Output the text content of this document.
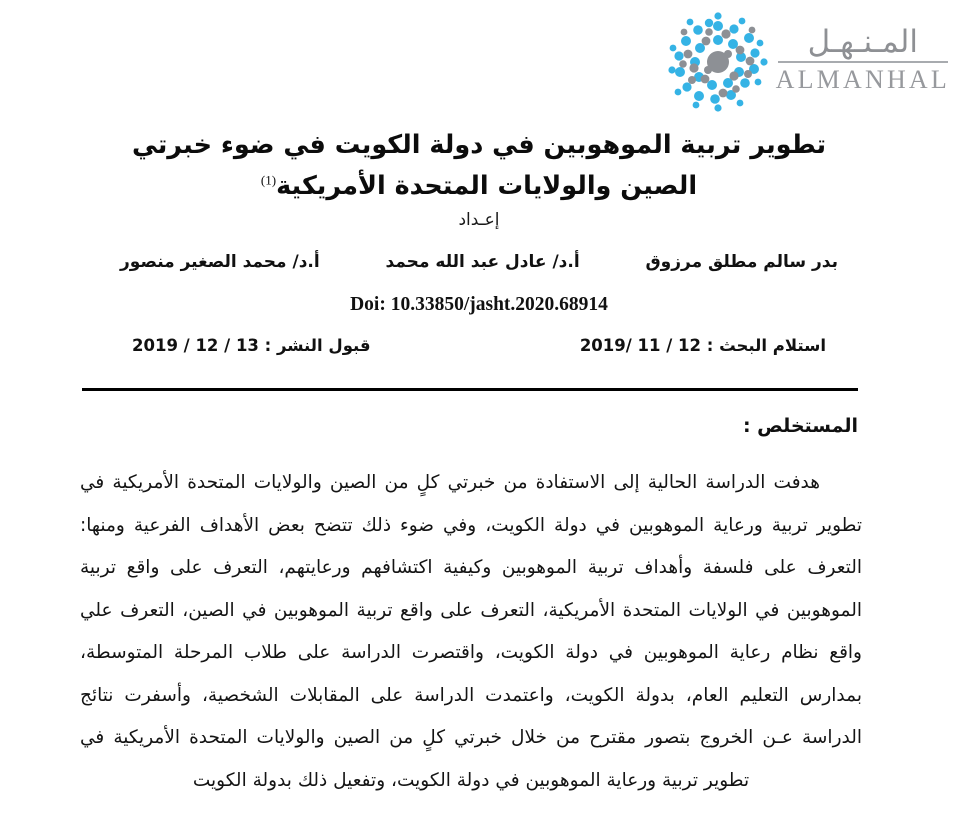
المـنـهـل
ALMANHAL
تطوير تربية الموهوبين في دولة الكويت في ضوء خبرتي
الصين والولايات المتحدة الأمريكية$^{(1)}$
إعـداد
بدر سالم مطلق مرزوق
أ.د/ عادل عبد الله محمد
أ.د/ محمد الصغير منصور
Doi: 10.33850/jasht.2020.68914
استلام البحث : 12 / 11 /2019
قبول النشر : 13 / 12 / 2019
المستخلص :

هدفت الدراسة الحالية إلى الاستفادة من خبرتي كلٍ من الصين والولايات المتحدة الأمريكية في تطوير تربية ورعاية الموهوبين في دولة الكويت، وفي ضوء ذلك تتضح بعض الأهداف الفرعية ومنها: التعرف على فلسفة وأهداف تربية الموهوبين وكيفية اكتشافهم ورعايتهم، التعرف على واقع تربية الموهوبين في الولايات المتحدة الأمريكية، التعرف على واقع تربية الموهوبين في الصين، التعرف علي واقع نظام رعاية الموهوبين في دولة الكويت، واقتصرت الدراسة على طلاب المرحلة المتوسطة، بمدارس التعليم العام، بدولة الكويت، واعتمدت الدراسة على المقابلات الشخصية، وأسفرت نتائج الدراسة عـن الخروج بتصور مقترح من خلال خبرتي كلٍ من الصين والولايات المتحدة الأمريكية في تطوير تربية ورعاية الموهوبين في دولة الكويت، وتفعيل ذلك بدولة الكويت
